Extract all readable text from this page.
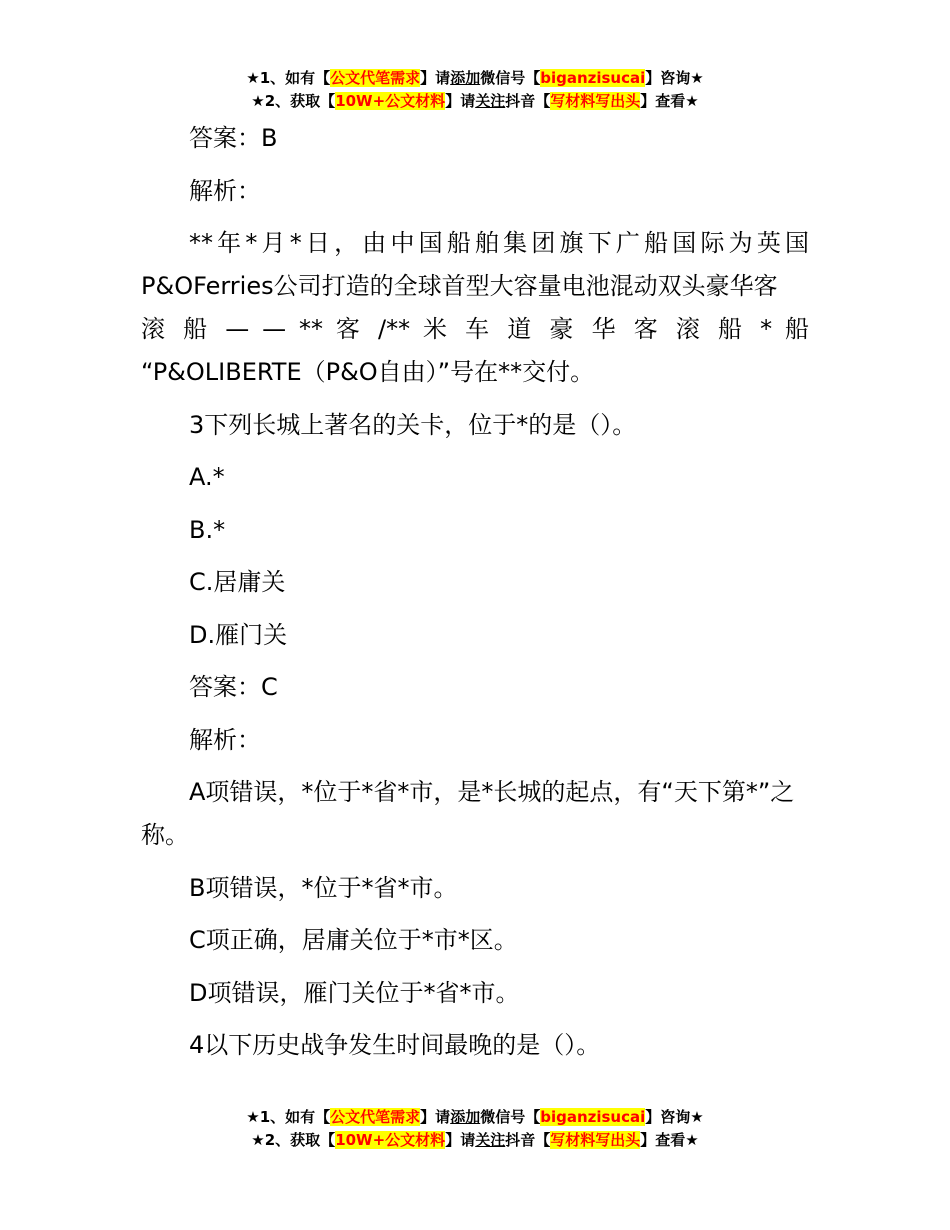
★1、如有【公文代笔需求】请添加微信号【biganzisucai】咨询★
★2、获取【10W+公文材料】请关注抖音【写材料写出头】查看★

答案：B

解析：

**年*月*日，由中国船舶集团旗下广船国际为英国P&OFerries公司打造的全球首型大容量电池混动双头豪华客
滚 船 — — ** 客 /** 米 车 道 豪 华 客 滚 船 * 船
“P&OLIBERTE（P&O自由）”号在**交付。

3下列长城上著名的关卡，位于*的是（）。

A.*

B.*

C.居庸关

D.雁门关

答案：C

解析：

A项错误，*位于*省*市，是*长城的起点，有“天下第*”之称。

B项错误，*位于*省*市。

C项正确，居庸关位于*市*区。

D项错误，雁门关位于*省*市。

4以下历史战争发生时间最晚的是（）。

★1、如有【公文代笔需求】请添加微信号【biganzisucai】咨询★
★2、获取【10W+公文材料】请关注抖音【写材料写出头】查看★
